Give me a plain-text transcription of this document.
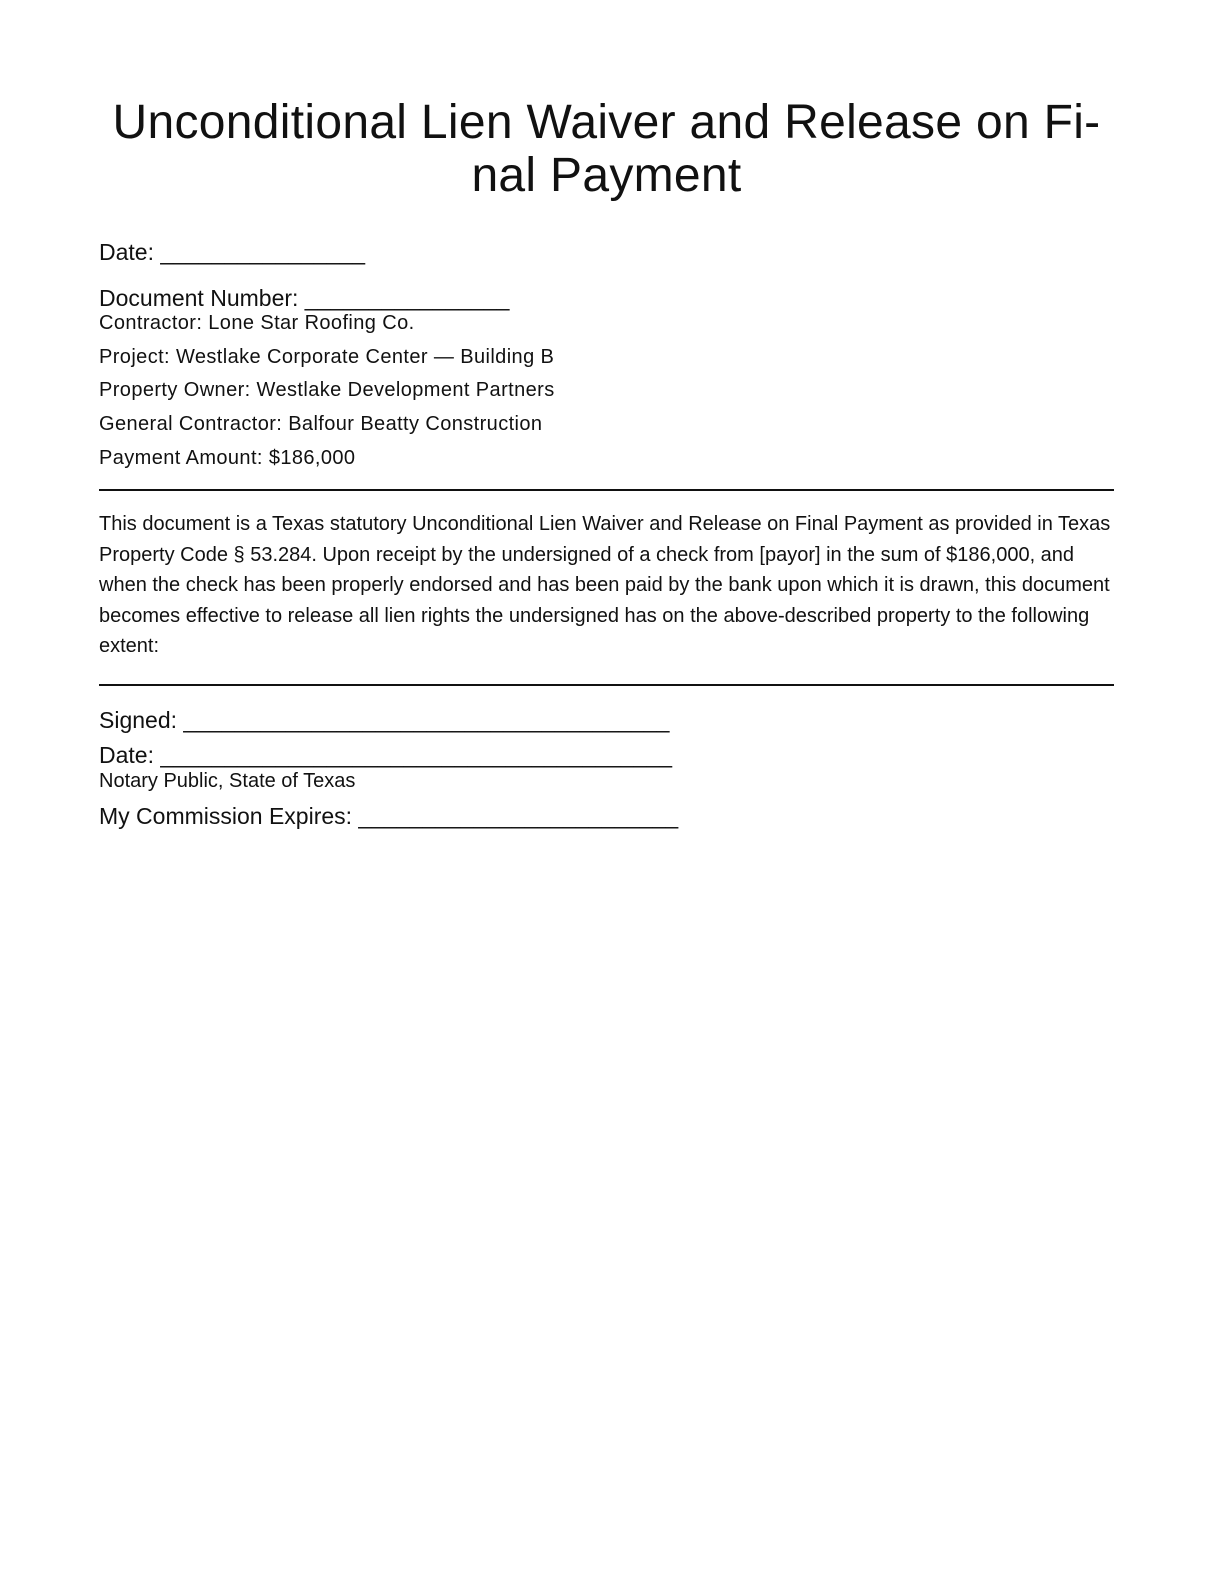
Unconditional Lien Waiver and Release on Fi-
nal Payment
Date: ________________
Document Number: ________________
Contractor: Lone Star Roofing Co.
Project: Westlake Corporate Center — Building B
Property Owner: Westlake Development Partners
General Contractor: Balfour Beatty Construction
Payment Amount: $186,000

This document is a Texas statutory Unconditional Lien Waiver and Release on Final Payment as provided in Texas Property Code § 53.284. Upon receipt by the undersigned of a check from [payor] in the sum of $186,000, and when the check has been properly endorsed and has been paid by the bank upon which it is drawn, this document becomes effective to release all lien rights the undersigned has on the above-described property to the following extent:

Signed: ______________________________________
Date: ________________________________________
Notary Public, State of Texas
My Commission Expires: _________________________
